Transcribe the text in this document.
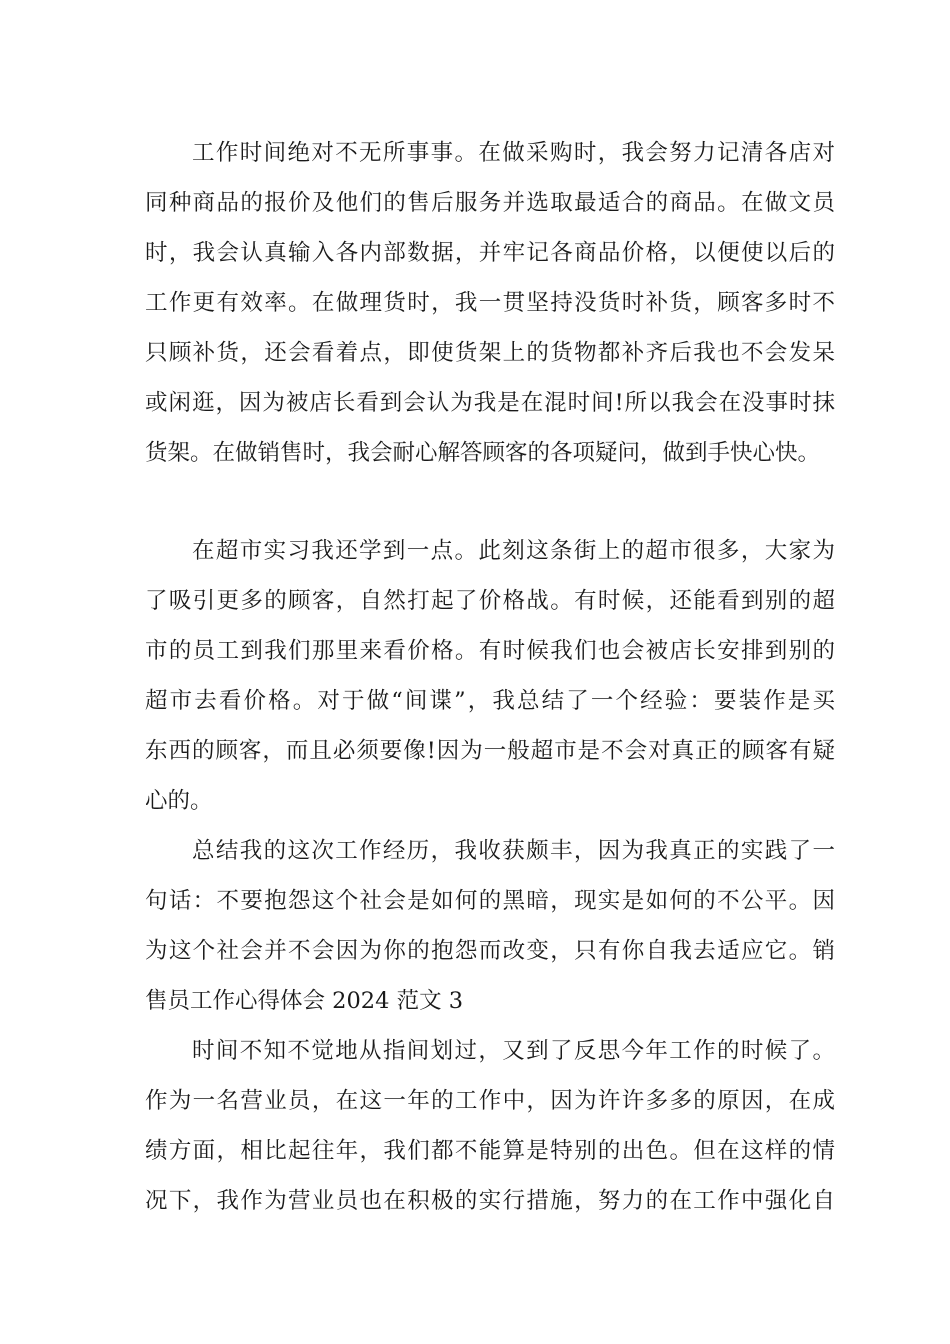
工作时间绝对不无所事事。在做采购时，我会努力记清各店对
同种商品的报价及他们的售后服务并选取最适合的商品。在做文员
时，我会认真输入各内部数据，并牢记各商品价格，以便使以后的
工作更有效率。在做理货时，我一贯坚持没货时补货，顾客多时不
只顾补货，还会看着点，即使货架上的货物都补齐后我也不会发呆
或闲逛，因为被店长看到会认为我是在混时间!所以我会在没事时抹
货架。在做销售时，我会耐心解答顾客的各项疑问，做到手快心快。
在超市实习我还学到一点。此刻这条街上的超市很多，大家为
了吸引更多的顾客，自然打起了价格战。有时候，还能看到别的超
市的员工到我们那里来看价格。有时候我们也会被店长安排到别的
超市去看价格。对于做“间谍”，我总结了一个经验：要装作是买
东西的顾客，而且必须要像!因为一般超市是不会对真正的顾客有疑
心的。
总结我的这次工作经历，我收获颇丰，因为我真正的实践了一
句话：不要抱怨这个社会是如何的黑暗，现实是如何的不公平。因
为这个社会并不会因为你的抱怨而改变，只有你自我去适应它。销
售员工作心得体会 2024 范文 3
时间不知不觉地从指间划过，又到了反思今年工作的时候了。
作为一名营业员，在这一年的工作中，因为许许多多的原因，在成
绩方面，相比起往年，我们都不能算是特别的出色。但在这样的情
况下，我作为营业员也在积极的实行措施，努力的在工作中强化自
